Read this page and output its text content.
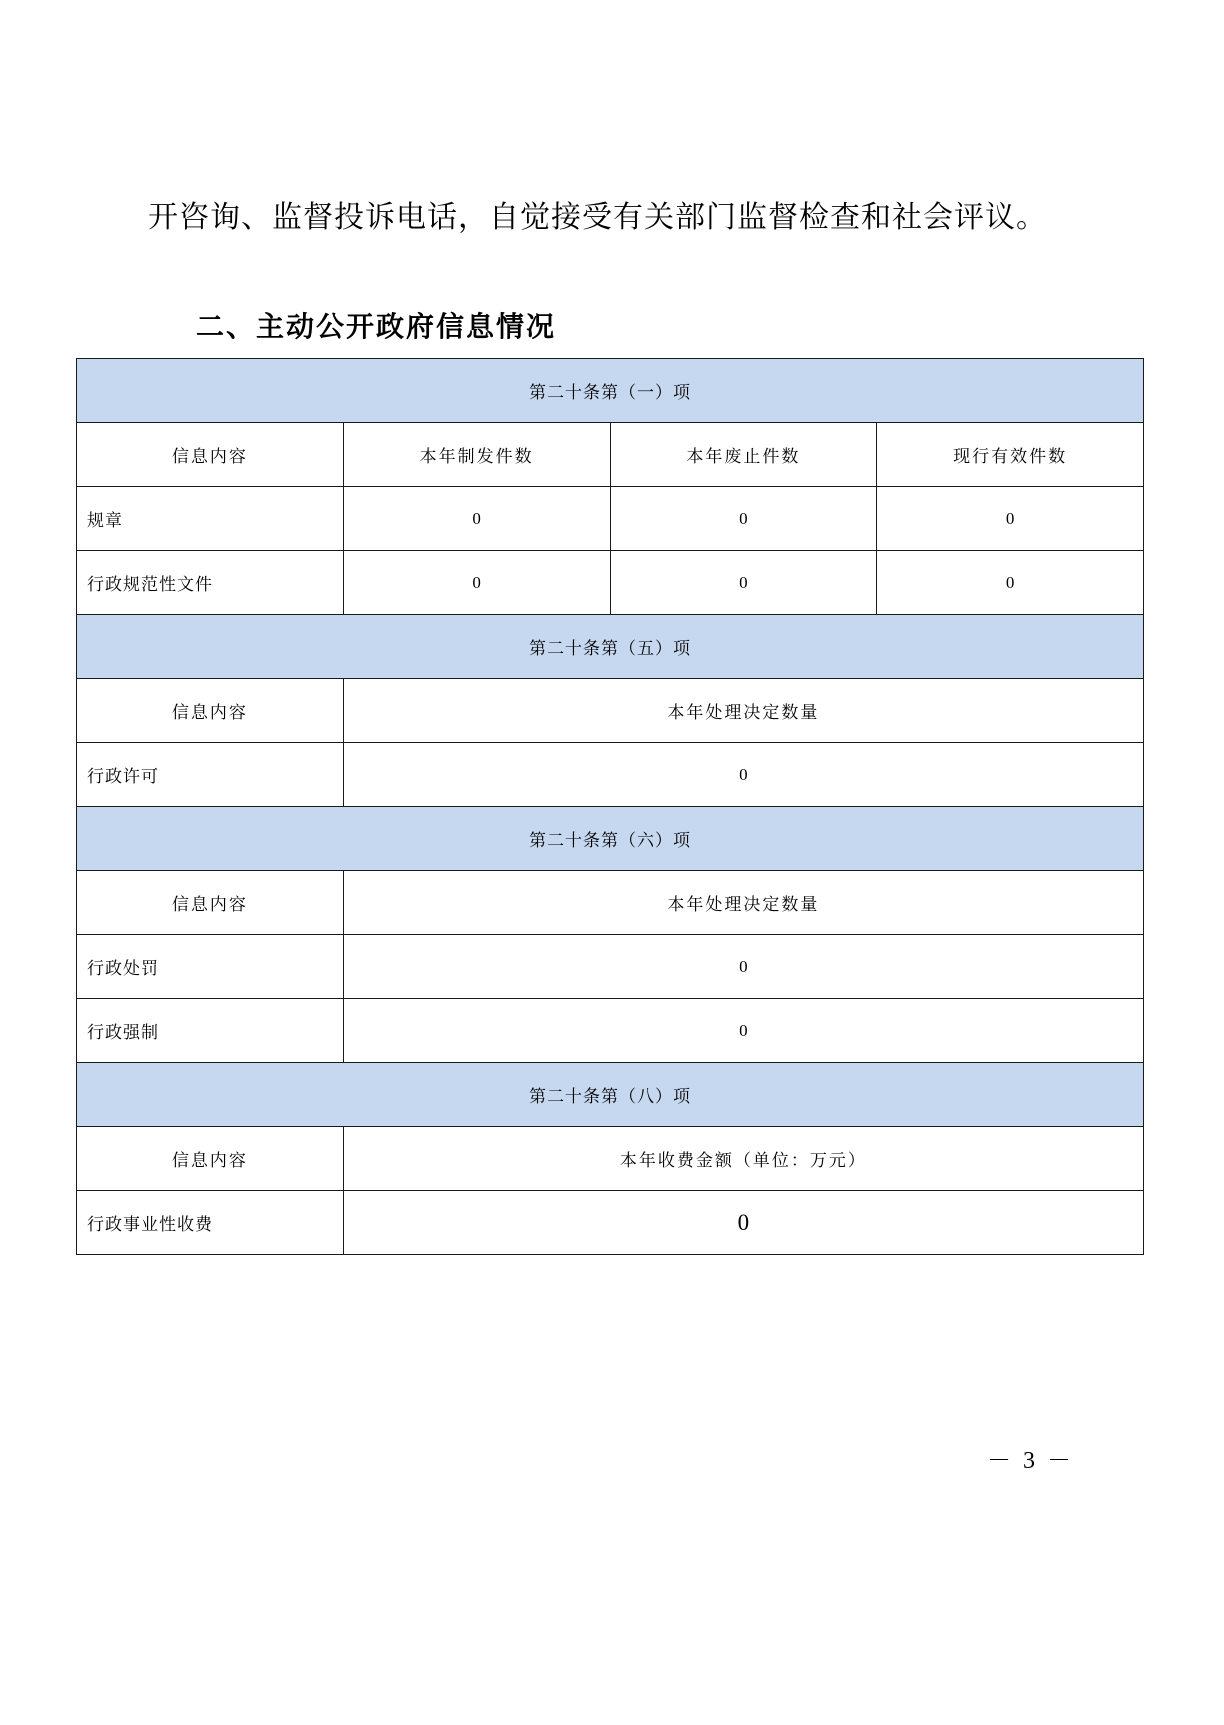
开咨询、监督投诉电话，自觉接受有关部门监督检查和社会评议。
二、主动公开政府信息情况
第二十条第（一）项			
信息内容	本年制发件数	本年废止件数	现行有效件数
规章	0	0	0
行政规范性文件	0	0	0
第二十条第（五）项			
信息内容	本年处理决定数量		
行政许可	0		
第二十条第（六）项			
信息内容	本年处理决定数量		
行政处罚	0		
行政强制	0		
第二十条第（八）项			
信息内容	本年收费金额（单位：万元）		
行政事业性收费	0		
－ 3 －
